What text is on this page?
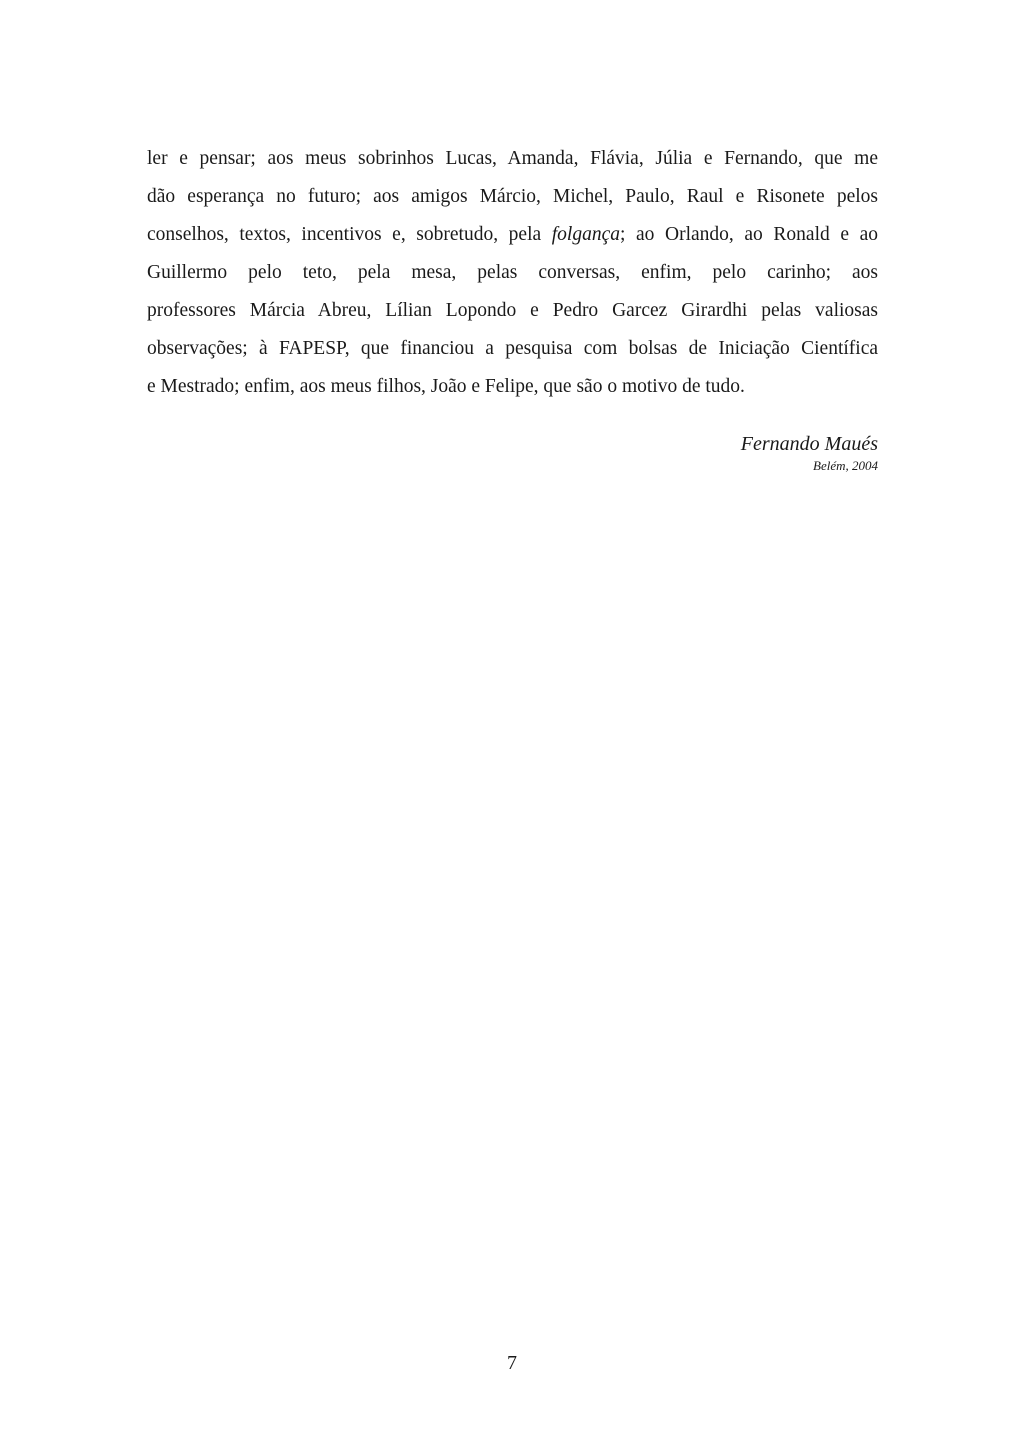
ler e pensar; aos meus sobrinhos Lucas, Amanda, Flávia, Júlia e Fernando, que me
dão esperança no futuro; aos amigos Márcio, Michel, Paulo, Raul e Risonete pelos
conselhos, textos, incentivos e, sobretudo, pela folgança; ao Orlando, ao Ronald e ao
Guillermo pelo teto, pela mesa, pelas conversas, enfim, pelo carinho; aos
professores Márcia Abreu, Lílian Lopondo e Pedro Garcez Girardhi pelas valiosas
observações; à FAPESP, que financiou a pesquisa com bolsas de Iniciação Científica
e Mestrado; enfim, aos meus filhos, João e Felipe, que são o motivo de tudo.
Fernando Maués
Belém, 2004
7
